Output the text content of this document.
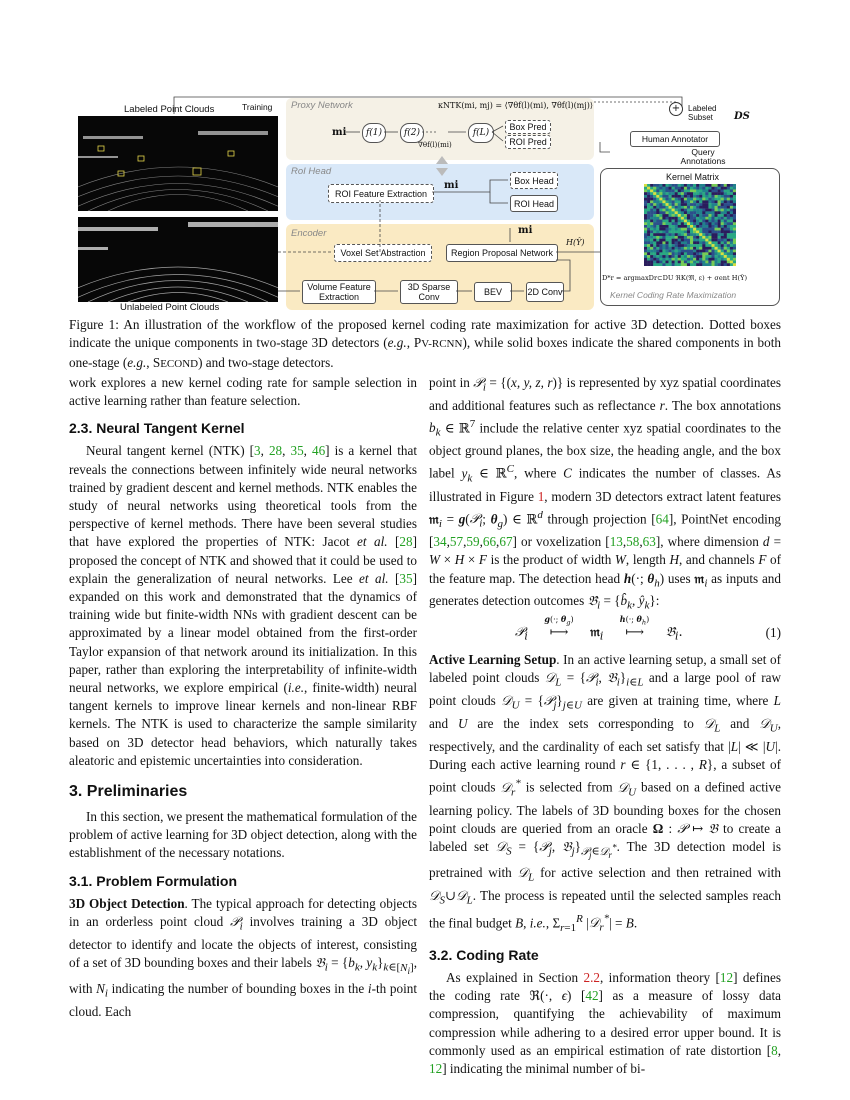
Labeled Point Clouds
Unlabeled Point Clouds
Training Proxy Network	κNTK(mi, mj) = ⟨∇θf(l)(mi), ∇θf(l)(mj)⟩
mi	f(1)	f(2)	f(L)
∇θf(l)(mi)
Box Pred
ROI Pred
RoI Head
ROI Feature Extraction
mi	Box Head
ROI Head
Encoder	mi
Voxel Set Abstraction	Region Proposal Network
H(Ŷ)
Volume Feature Extraction
3D Sparse Conv	BEV	2D Conv
+ Labeled Subset	DS
Human Annotator
Query Annotations
Kernel Matrix
D*r = argmaxDr⊂DU ℜK(𝔐, ε) + σent H(Ŷ)
Kernel Coding Rate Maximization
Figure 1: An illustration of the workflow of the proposed kernel coding rate maximization for active 3D detection. Dotted boxes indicate the unique components in two-stage 3D detectors (e.g., PV-RCNN), while solid boxes indicate the shared components in both one-stage (e.g., SECOND) and two-stage detectors.
work explores a new kernel coding rate for sample selection in active learning rather than feature selection.
2.3. Neural Tangent Kernel
Neural tangent kernel (NTK) [3, 28, 35, 46] is a kernel that reveals the connections between infinitely wide neural networks trained by gradient descent and kernel methods. NTK enables the study of neural networks using theoretical tools from the perspective of kernel methods. There have been several studies that have explored the properties of NTK: Jacot et al. [28] proposed the concept of NTK and showed that it could be used to explain the generalization of neural networks. Lee et al. [35] expanded on this work and demonstrated that the dynamics of training wide but finite-width NNs with gradient descent can be approximated by a linear model obtained from the first-order Taylor expansion of that network around its initialization. In this paper, rather than exploring the interpretability of infinite-width neural networks, we explore empirical (i.e., finite-width) neural tangent kernels to improve linear kernels and non-linear RBF kernels. The NTK is used to characterize the sample similarity based on 3D detector head behaviors, which naturally takes aleatoric and epistemic uncertainties into consideration.
3. Preliminaries
In this section, we present the mathematical formulation of the problem of active learning for 3D object detection, along with the establishment of the necessary notations.
3.1. Problem Formulation
3D Object Detection. The typical approach for detecting objects in an orderless point cloud 𝒫$_i$ involves training a 3D object detector to identify and locate the objects of interest, consisting of a set of 3D bounding boxes and their labels 𝔅$_i$ = {$b_k$, $y_k\}_{k\in[N_i]}$, with $N_i$ indicating the number of bounding boxes in the i-th point cloud. Each
point in 𝒫$_i$ = {(x, y, z, r)} is represented by xyz spatial coordinates and additional features such as reflectance r. The box annotations $b_k$ ∈ ℝ$^7$ include the relative center xyz spatial coordinates to the object ground planes, the box size, the heading angle, and the box label $y_k$ ∈ ℝ$^C$, where C indicates the number of classes. As illustrated in Figure 1, modern 3D detectors extract latent features 𝔪$_i$ = g(𝒫$_i$; $\theta_g$) ∈ ℝ$^d$ through projection [64], PointNet encoding [34,57,59,66,67] or voxelization [13,58,63], where dimension d = W × H × F is the product of width W, length H, and channels F of the feature map. The detection head h(·; $\theta_h$) uses 𝔪$_i$ as inputs and generates detection outcomes $𝔅̂_i$ = {$b̂_k$, $ŷ_k$}:
𝒫$_i$
g(·; $\theta_g$)
⟼ 𝔪$_i$
h(·; $\theta_h$)
⟼ $𝔅̂_i$.	(1)
Active Learning Setup. In an active learning setup, a small set of labeled point clouds 𝒟$_L$ = {𝒫$_i$, $𝔅_i\}_{i\in L}$ and a large pool of raw point clouds 𝒟$_U$ = $\{𝒫_j\}_{j\in U}$ are given at training time, where L and U are the index sets corresponding to 𝒟$_L$ and 𝒟$_U$, respectively, and the cardinality of each set satisfy that |L| ≪ |U|. During each active learning round r ∈ {1, . . . , R}, a subset of point clouds 𝒟$_r$* is selected from 𝒟$_U$ based on a defined active learning policy. The labels of 3D bounding boxes for the chosen point clouds are queried from an oracle Ω : 𝒫 ↦ 𝔅 to create a labeled set 𝒟$_S$ = {𝒫$_j$, $𝔅_j\}_{𝒫_j\in 𝒟_r^*}$. The 3D detection model is pretrained with 𝒟$_L$ for active selection and then retrained with 𝒟$_S$∪𝒟$_L$. The process is repeated until the selected samples reach the final budget B, i.e., $\Sigma_{r=1}^R$ |𝒟$_r$*| = B.
3.2. Coding Rate
As explained in Section 2.2, information theory [12] defines the coding rate ℜ(·, ϵ) [42] as a measure of lossy data compression, quantifying the achievability of maximum compression while adhering to a desired error upper bound. It is commonly used as an empirical estimation of rate distortion [8, 12] indicating the minimal number of bi-
